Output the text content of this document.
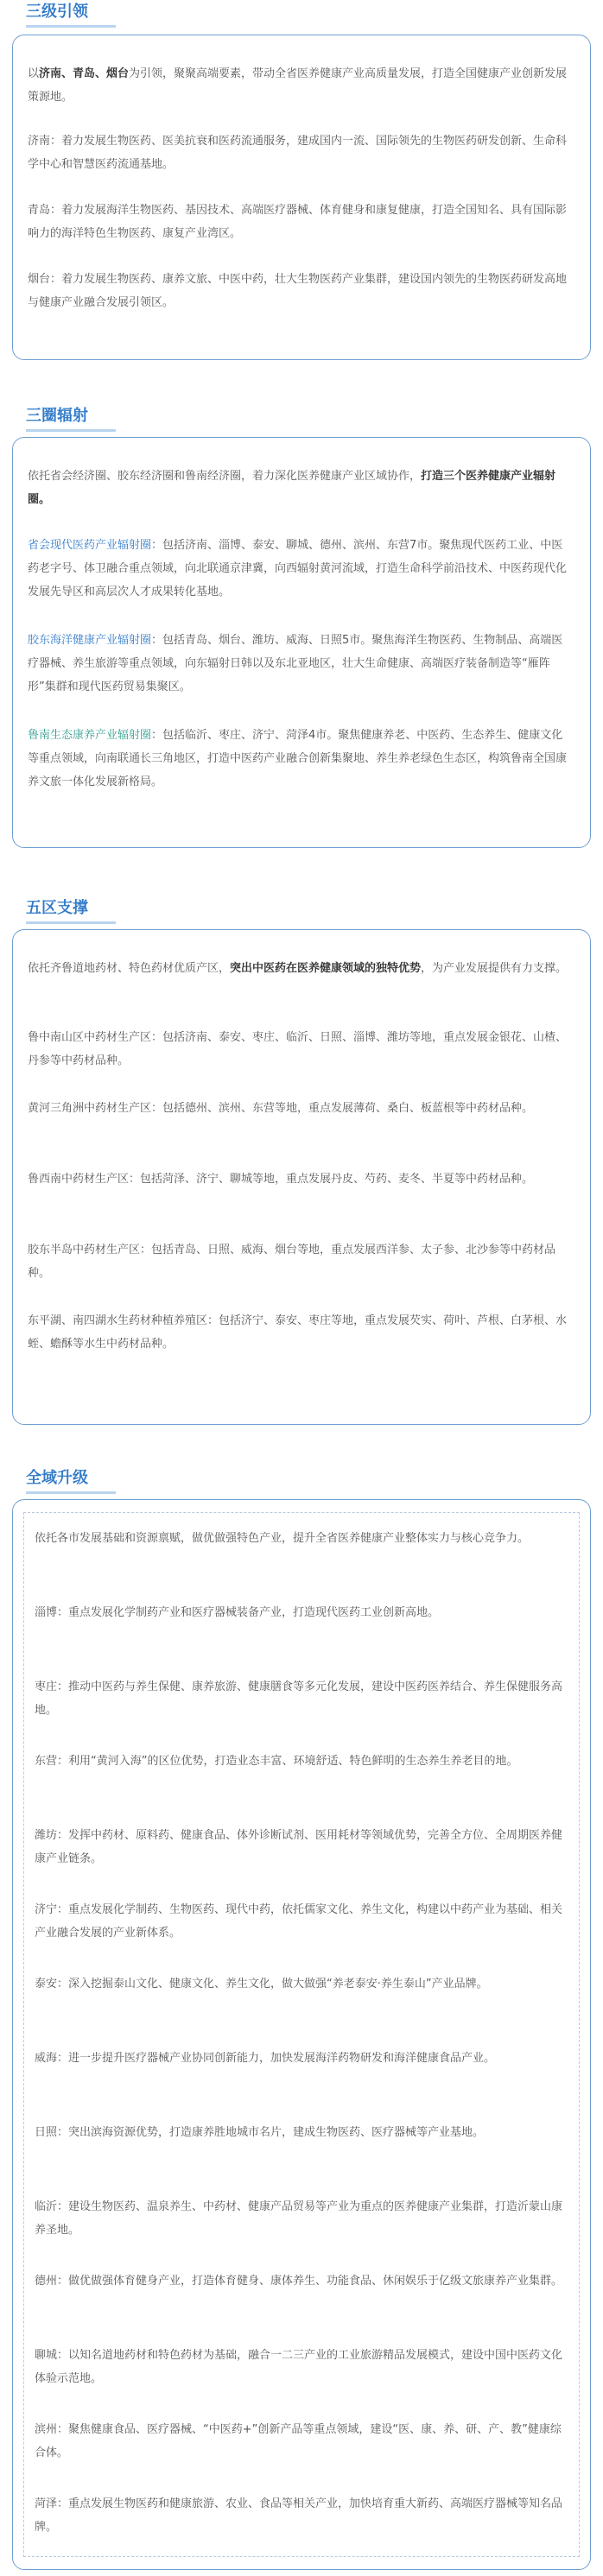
三级引领

以济南、青岛、烟台为引领，聚聚高端要素，带动全省医养健康产业高质量发展，打造全国健康产业创新发展策源地。

济南：着力发展生物医药、医美抗衰和医药流通服务，建成国内一流、国际领先的生物医药研发创新、生命科学中心和智慧医药流通基地。

青岛：着力发展海洋生物医药、基因技术、高端医疗器械、体育健身和康复健康，打造全国知名、具有国际影响力的海洋特色生物医药、康复产业湾区。

烟台：着力发展生物医药、康养文旅、中医中药，壮大生物医药产业集群，建设国内领先的生物医药研发高地与健康产业融合发展引领区。

三圈辐射

依托省会经济圈、胶东经济圈和鲁南经济圈，着力深化医养健康产业区域协作，打造三个医养健康产业辐射圈。

省会现代医药产业辐射圈：包括济南、淄博、泰安、聊城、德州、滨州、东营7市。聚焦现代医药工业、中医药老字号、体卫融合重点领域，向北联通京津冀，向西辐射黄河流域，打造生命科学前沿技术、中医药现代化发展先导区和高层次人才成果转化基地。

胶东海洋健康产业辐射圈：包括青岛、烟台、潍坊、威海、日照5市。聚焦海洋生物医药、生物制品、高端医疗器械、养生旅游等重点领域，向东辐射日韩以及东北亚地区，壮大生命健康、高端医疗装备制造等“雁阵形”集群和现代医药贸易集聚区。

鲁南生态康养产业辐射圈：包括临沂、枣庄、济宁、菏泽4市。聚焦健康养老、中医药、生态养生、健康文化等重点领域，向南联通长三角地区，打造中医药产业融合创新集聚地、养生养老绿色生态区，构筑鲁南全国康养文旅一体化发展新格局。

五区支撑

依托齐鲁道地药材、特色药材优质产区，突出中医药在医养健康领域的独特优势，为产业发展提供有力支撑。

鲁中南山区中药材生产区：包括济南、泰安、枣庄、临沂、日照、淄博、潍坊等地，重点发展金银花、山楂、丹参等中药材品种。

黄河三角洲中药材生产区：包括德州、滨州、东营等地，重点发展薄荷、桑白、板蓝根等中药材品种。

鲁西南中药材生产区：包括菏泽、济宁、聊城等地，重点发展丹皮、芍药、麦冬、半夏等中药材品种。

胶东半岛中药材生产区：包括青岛、日照、威海、烟台等地，重点发展西洋参、太子参、北沙参等中药材品种。

东平湖、南四湖水生药材种植养殖区：包括济宁、泰安、枣庄等地，重点发展芡实、荷叶、芦根、白茅根、水蛭、蟾酥等水生中药材品种。

全域升级

依托各市发展基础和资源禀赋，做优做强特色产业，提升全省医养健康产业整体实力与核心竞争力。

淄博：重点发展化学制药产业和医疗器械装备产业，打造现代医药工业创新高地。

枣庄：推动中医药与养生保健、康养旅游、健康膳食等多元化发展，建设中医药医养结合、养生保健服务高地。

东营：利用“黄河入海”的区位优势，打造业态丰富、环境舒适、特色鲜明的生态养生养老目的地。

潍坊：发挥中药材、原料药、健康食品、体外诊断试剂、医用耗材等领域优势，完善全方位、全周期医养健康产业链条。

济宁：重点发展化学制药、生物医药、现代中药，依托儒家文化、养生文化，构建以中药产业为基础、相关产业融合发展的产业新体系。

泰安：深入挖掘泰山文化、健康文化、养生文化，做大做强“养老泰安·养生泰山”产业品牌。

威海：进一步提升医疗器械产业协同创新能力，加快发展海洋药物研发和海洋健康食品产业。

日照：突出滨海资源优势，打造康养胜地城市名片，建成生物医药、医疗器械等产业基地。

临沂：建设生物医药、温泉养生、中药材、健康产品贸易等产业为重点的医养健康产业集群，打造沂蒙山康养圣地。

德州：做优做强体育健身产业，打造体育健身、康体养生、功能食品、休闲娱乐于亿级文旅康养产业集群。

聊城：以知名道地药材和特色药材为基础，融合一二三产业的工业旅游精品发展模式，建设中国中医药文化体验示范地。

滨州：聚焦健康食品、医疗器械、“中医药+”创新产品等重点领域，建设“医、康、养、研、产、教”健康综合体。

菏泽：重点发展生物医药和健康旅游、农业、食品等相关产业，加快培育重大新药、高端医疗器械等知名品牌。
